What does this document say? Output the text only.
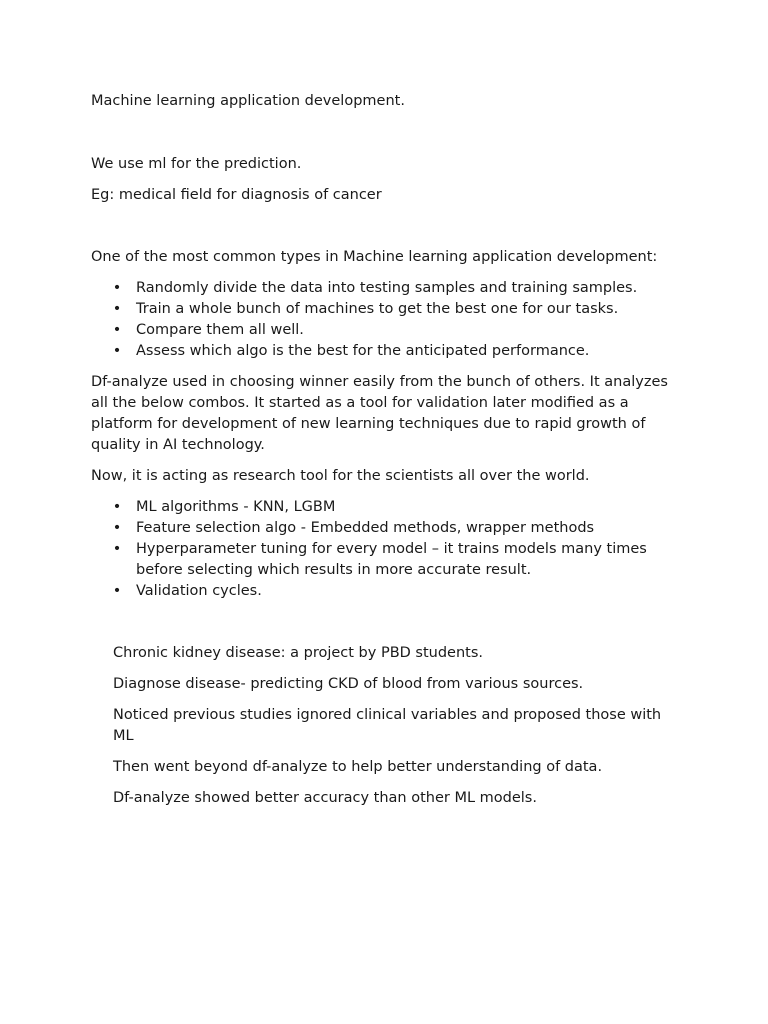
Machine learning application development.

We use ml for the prediction.

Eg: medical field for diagnosis of cancer

One of the most common types in Machine learning application development:

• Randomly divide the data into testing samples and training samples.
• Train a whole bunch of machines to get the best one for our tasks.
• Compare them all well.
• Assess which algo is the best for the anticipated performance.

Df-analyze used in choosing winner easily from the bunch of others. It analyzes all the below combos. It started as a tool for validation later modified as a platform for development of new learning techniques due to rapid growth of quality in AI technology.

Now, it is acting as research tool for the scientists all over the world.

• ML algorithms - KNN, LGBM
• Feature selection algo - Embedded methods, wrapper methods
• Hyperparameter tuning for every model – it trains models many times before selecting which results in more accurate result.
• Validation cycles.

Chronic kidney disease: a project by PBD students.

Diagnose disease- predicting CKD of blood from various sources.

Noticed previous studies ignored clinical variables and proposed those with ML

Then went beyond df-analyze to help better understanding of data.

Df-analyze showed better accuracy than other ML models.
